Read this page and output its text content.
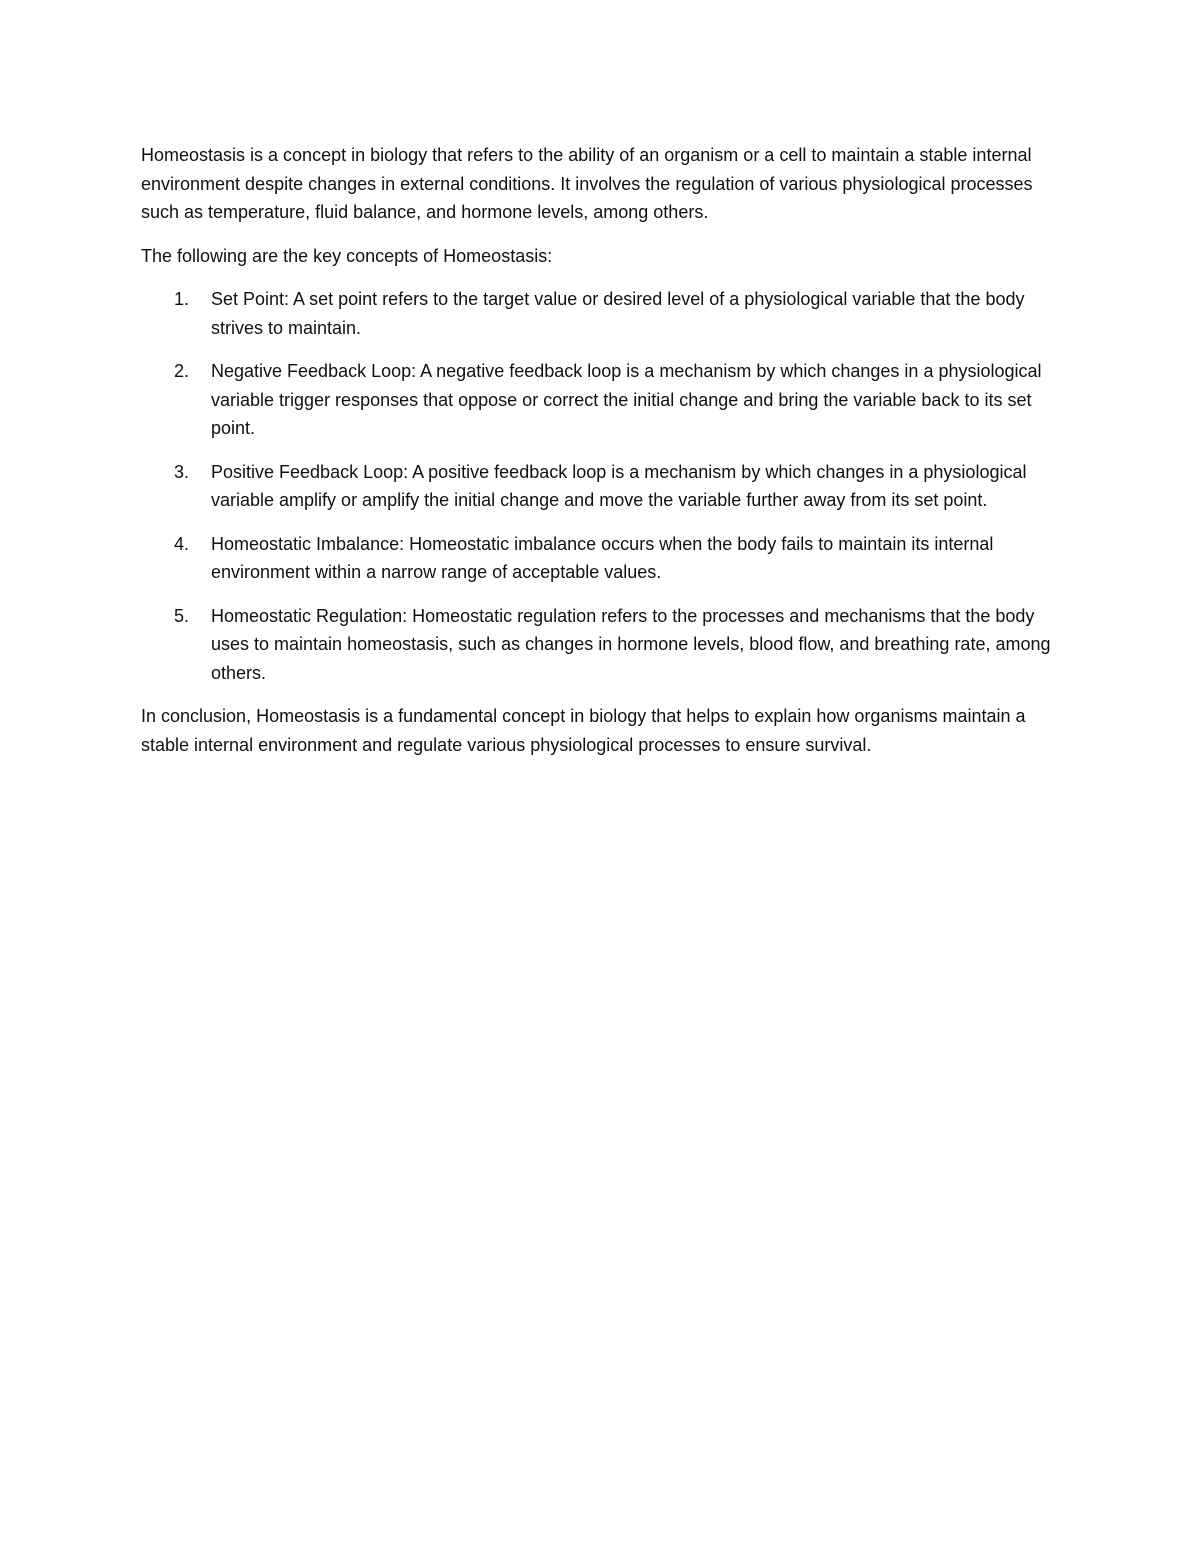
Homeostasis is a concept in biology that refers to the ability of an organism or a cell to maintain a stable internal environment despite changes in external conditions. It involves the regulation of various physiological processes such as temperature, fluid balance, and hormone levels, among others.

The following are the key concepts of Homeostasis:

1. Set Point: A set point refers to the target value or desired level of a physiological variable that the body strives to maintain.
2. Negative Feedback Loop: A negative feedback loop is a mechanism by which changes in a physiological variable trigger responses that oppose or correct the initial change and bring the variable back to its set point.
3. Positive Feedback Loop: A positive feedback loop is a mechanism by which changes in a physiological variable amplify or amplify the initial change and move the variable further away from its set point.
4. Homeostatic Imbalance: Homeostatic imbalance occurs when the body fails to maintain its internal environment within a narrow range of acceptable values.
5. Homeostatic Regulation: Homeostatic regulation refers to the processes and mechanisms that the body uses to maintain homeostasis, such as changes in hormone levels, blood flow, and breathing rate, among others.

In conclusion, Homeostasis is a fundamental concept in biology that helps to explain how organisms maintain a stable internal environment and regulate various physiological processes to ensure survival.
